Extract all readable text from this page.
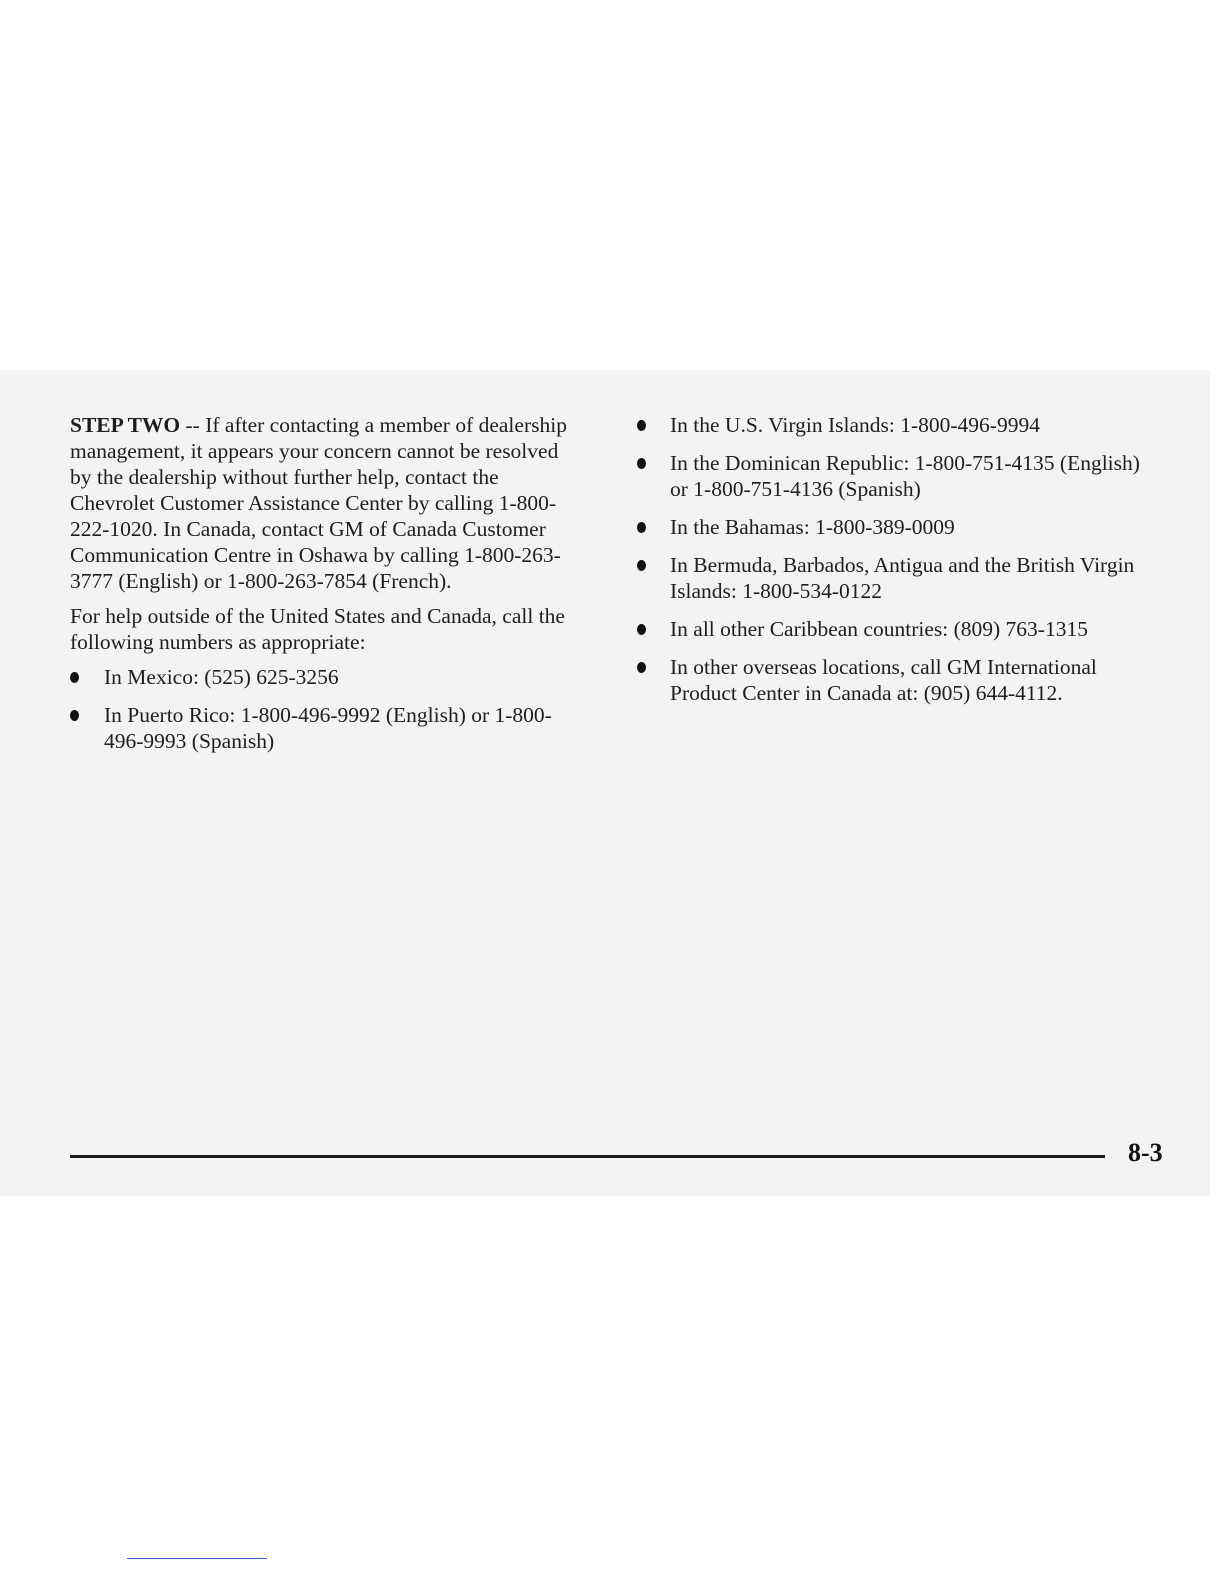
STEP TWO -- If after contacting a member of dealership management, it appears your concern cannot be resolved by the dealership without further help, contact the Chevrolet Customer Assistance Center by calling 1-800-222-1020. In Canada, contact GM of Canada Customer Communication Centre in Oshawa by calling 1-800-263-3777 (English) or 1-800-263-7854 (French).

For help outside of the United States and Canada, call the following numbers as appropriate:

In Mexico: (525) 625-3256
In Puerto Rico: 1-800-496-9992 (English) or 1-800-496-9993 (Spanish)
In the U.S. Virgin Islands: 1-800-496-9994
In the Dominican Republic: 1-800-751-4135 (English) or 1-800-751-4136 (Spanish)
In the Bahamas: 1-800-389-0009
In Bermuda, Barbados, Antigua and the British Virgin Islands: 1-800-534-0122
In all other Caribbean countries: (809) 763-1315
In other overseas locations, call GM International Product Center in Canada at: (905) 644-4112.
8-3
